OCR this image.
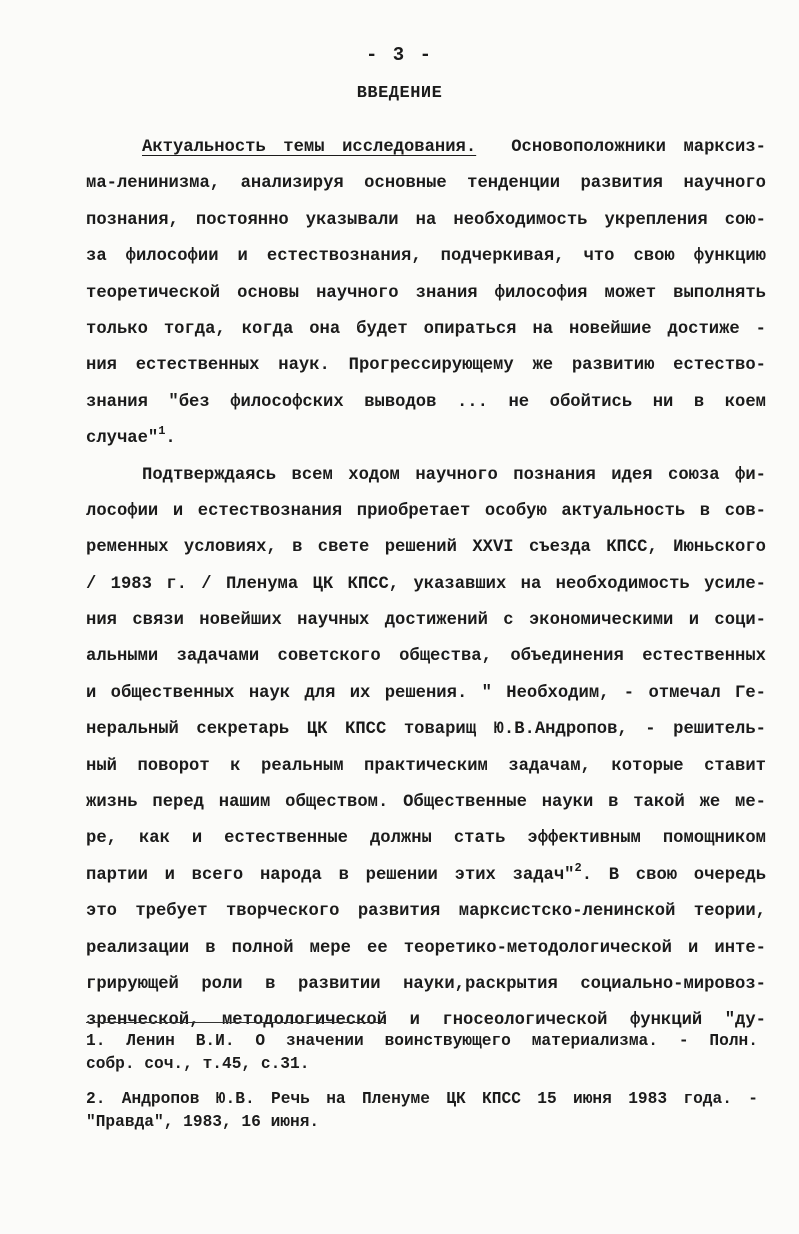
- 3 -
ВВЕДЕНИЕ
Актуальность темы исследования. Основоположники марксиз-
ма-ленинизма, анализируя основные тенденции развития научного
познания, постоянно указывали на необходимость укрепления сою-
за философии и естествознания, подчеркивая, что свою функцию
теоретической основы научного знания философия может выполнять
только тогда, когда она будет опираться на новейшие достиже -
ния естественных наук. Прогрессирующему же развитию естество-
знания "без философских выводов ... не обойтись ни в коем
случае"$^1$.
Подтверждаясь всем ходом научного познания идея союза фи-
лософии и естествознания приобретает особую актуальность в сов-
ременных условиях, в свете решений XXVI съезда КПСС, Июньского
/ 1983 г. / Пленума ЦК КПСС, указавших на необходимость усиле-
ния связи новейших научных достижений с экономическими и соци-
альными задачами советского общества, объединения естественных
и общественных наук для их решения. " Необходим, - отмечал Ге-
неральный секретарь ЦК КПСС товарищ Ю.В.Андропов, - решитель-
ный поворот к реальным практическим задачам, которые ставит
жизнь перед нашим обществом. Общественные науки в такой же ме-
ре, как и естественные должны стать эффективным помощником
партии и всего народа в решении этих задач"$^2$. В свою очередь
это требует творческого развития марксистско-ленинской теории,
реализации в полной мере ее теоретико-методологической и инте-
грирующей роли в развитии науки,раскрытия социально-мировоз-
зренческой, методологической и гносеологической функций "ду-
1. Ленин В.И. О значении воинствующего материализма. - Полн.
собр. соч., т.45, с.31.
2. Андропов Ю.В. Речь на Пленуме ЦК КПСС 15 июня 1983 года. -
"Правда", 1983, 16 июня.
